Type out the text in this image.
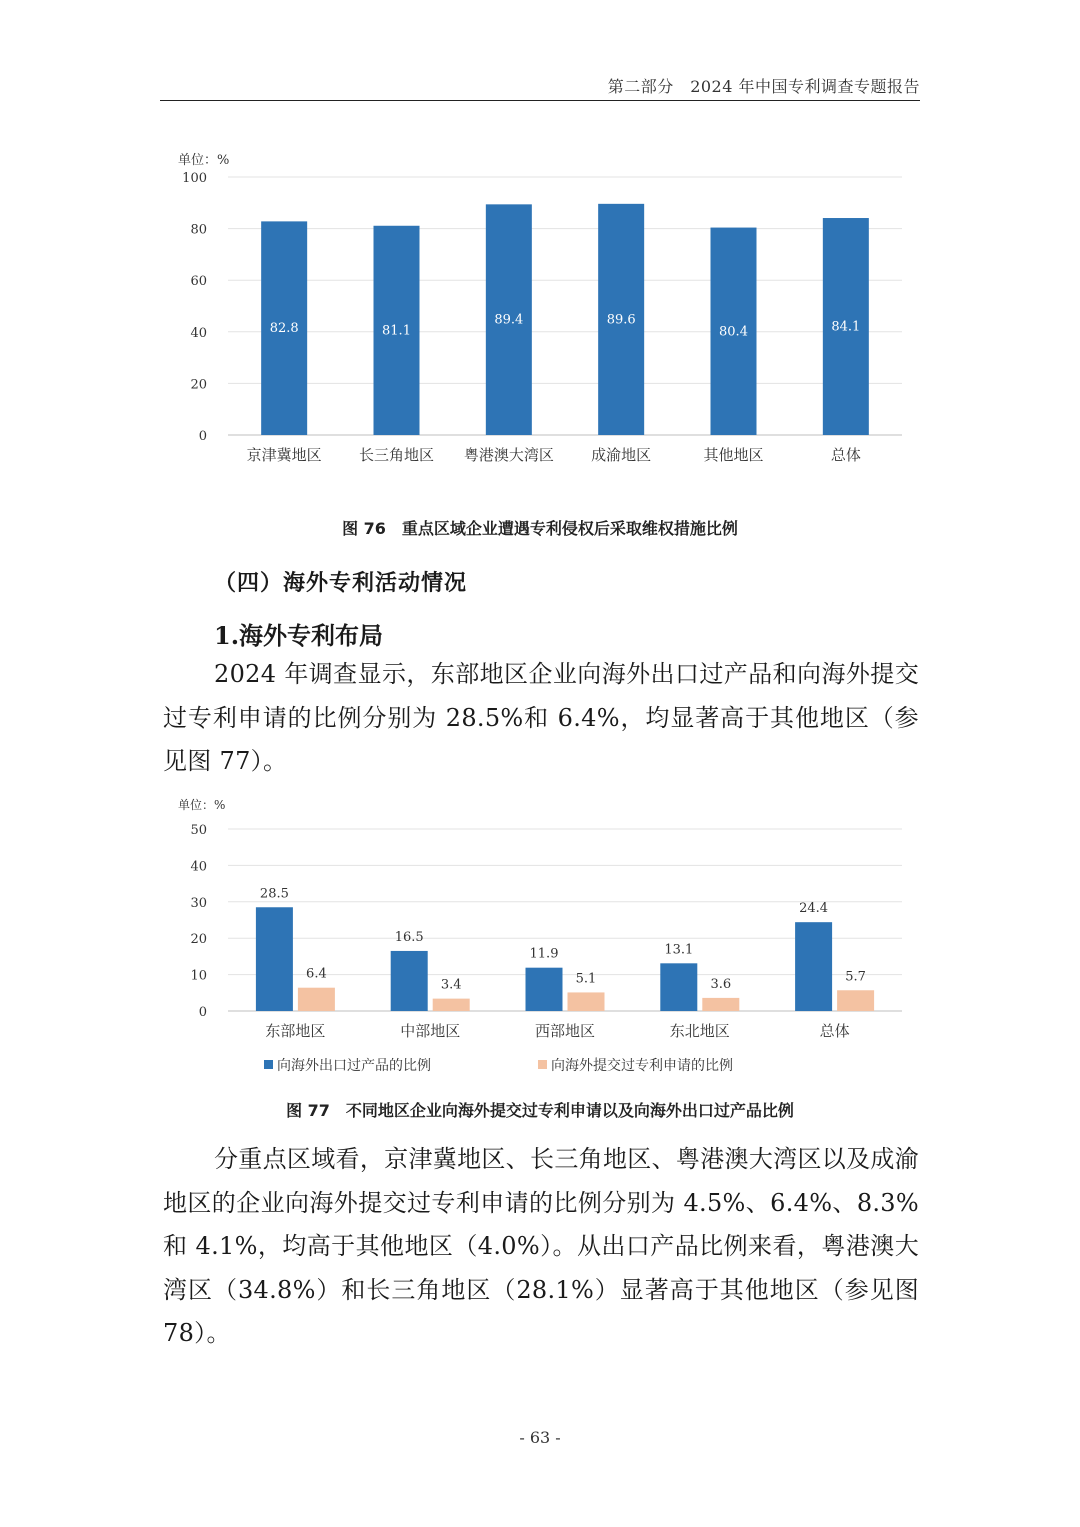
第二部分　2024 年中国专利调查专题报告
单位：%
0
20
40
60
80
100
82.8
京津冀地区
81.1
长三角地区
89.4
粤港澳大湾区
89.6
成渝地区
80.4
其他地区
84.1
总体
图 76　重点区域企业遭遇专利侵权后采取维权措施比例
（四）海外专利活动情况
1.海外专利布局

2024 年调查显示，东部地区企业向海外出口过产品和向海外提交过专利申请的比例分别为 28.5%和 6.4%，均显著高于其他地区（参见图 77）。

单位：%
0
10
20
30
40
50
28.5
6.4
东部地区
16.5
3.4
中部地区
11.9
5.1
西部地区
13.1
3.6
东北地区
24.4
5.7
总体
向海外出口过产品的比例	向海外提交过专利申请的比例
图 77　不同地区企业向海外提交过专利申请以及向海外出口过产品比例

分重点区域看，京津冀地区、长三角地区、粤港澳大湾区以及成渝地区的企业向海外提交过专利申请的比例分别为 4.5%、6.4%、8.3%和 4.1%，均高于其他地区（4.0%）。从出口产品比例来看，粤港澳大湾区（34.8%）和长三角地区（28.1%）显著高于其他地区（参见图 78）。

- 63 -
